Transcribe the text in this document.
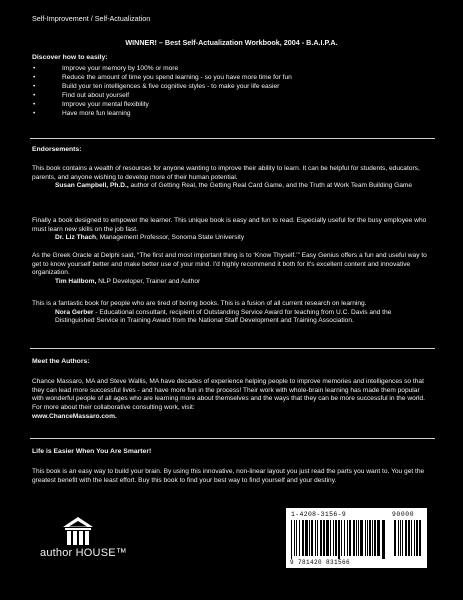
Self-Improvement / Self-Actualization
WINNER! – Best Self-Actualization Workbook, 2004 - B.A.I.P.A.
Discover how to easily:
• Improve your memory by 100% or more
• Reduce the amount of time you spend learning - so you have more time for fun
• Build your ten intelligences & five cognitive styles - to make your life easier
• Find out about yourself
• Improve your mental flexibility
• Have more fun learning
Endorsements:

This book contains a wealth of resources for anyone wanting to improve their ability to learn. It can be helpful for students, educators, parents, and anyone wishing to develop more of their human potential.

Susan Campbell, Ph.D., author of Getting Real, the Getting Real Card Game, and the Truth at Work Team Building Game

Finally a book designed to empower the learner. This unique book is easy and fun to read. Especially useful for the busy employee who must learn new skills on the job fast.

Dr. Liz Thach, Management Professor, Sonoma State University

As the Greek Oracle at Delphi said, “The first and most important thing is to ‘Know Thyself.’” Easy Genius offers a fun and useful way to get to know yourself better and make better use of your mind. I'd highly recommend it both for it's excellent content and innovative organization.

Tim Hallbom, NLP Developer, Trainer and Author

This is a fantastic book for people who are tired of boring books. This is a fusion of all current research on learning.

Nora Gerber - Educational consultant, recipient of Outstanding Service Award for teaching from U.C. Davis and the Distinguished Service in Training Award from the National Staff Development and Training Association.

Meet the Authors:

Chance Massaro, MA and Steve Wallis, MA have decades of experience helping people to improve memories and intelligences so that they can lead more successful lives - and have more fun in the process! Their work with whole-brain learning has made them popular with wonderful people of all ages who are learning more about themselves and the ways that they can be more successful in the world. For more about their collaborative consulting work, visit:
www.ChanceMassaro.com.

Life is Easier When You Are Smarter!

This book is an easy way to build your brain. By using this innovative, non-linear layout you just read the parts you want to. You get the greatest benefit with the least effort. Buy this book to find your best way to find yourself and your destiny.

author HOUSE™
1-4208-3156-9	90000
9 781420 831566
